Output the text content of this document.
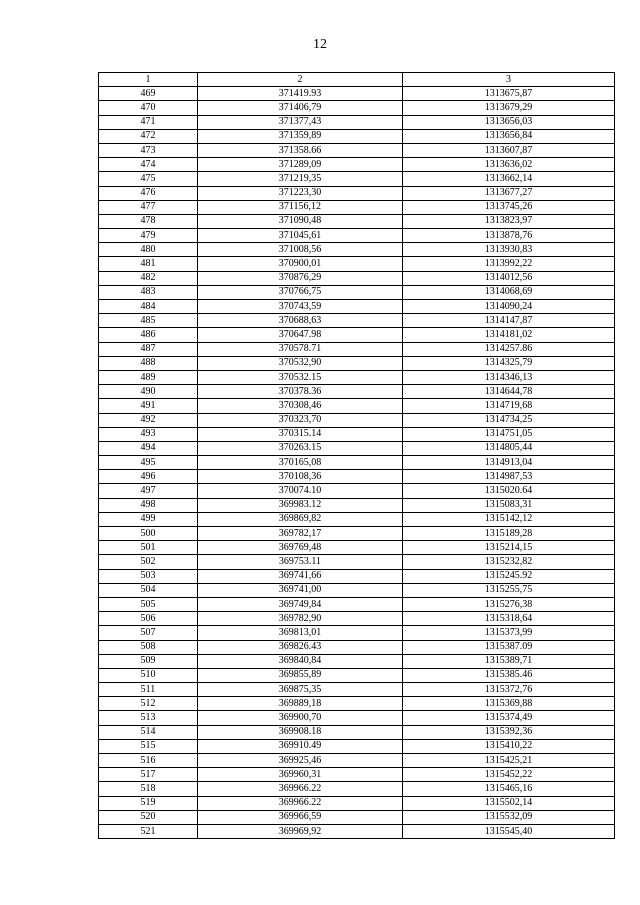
12
1	2	3
469	371419.93	1313675,87
470	371406,79	1313679,29
471	371377,43	1313656,03
472	371359,89	1313656,84
473	371358.66	1313607,87
474	371289,09	1313636,02
475	371219,35	1313662,14
476	371223,30	1313677,27
477	371156,12	1313745,26
478	371090,48	1313823,97
479	371045,61	1313878,76
480	371008,56	1313930,83
481	370900,01	1313992,22
482	370876,29	1314012,56
483	370766,75	1314068,69
484	370743,59	1314090,24
485	370688,63	1314147,87
486	370647.98	1314181,02
487	370578.71	1314257.86
488	370532,90	1314325,79
489	370532.15	1314346,13
490	370378.36	1314644,78
491	370308,46	1314719,68
492	370323,70	1314734,25
493	370315.14	1314751,05
494	370263.15	1314805,44
495	370165,08	1314913,04
496	370108,36	1314987,53
497	370074.10	1315020.64
498	369983.12	1315083,31
499	369869,82	1315142,12
500	369782,17	1315189,28
501	369769,48	1315214,15
502	369753.11	1315232,82
503	369741,66	1315245.92
504	369741,00	1315255,75
505	369749,84	1315276,38
506	369782,90	1315318,64
507	369813,01	1315373,99
508	369826.43	1315387.09
509	369840,84	1315389,71
510	369855,89	1315385.46
511	369875,35	1315372,76
512	369889,18	1315369,88
513	369900,70	1315374,49
514	369908.18	1315392,36
515	369910.49	1315410,22
516	369925,46	1315425,21
517	369960,31	1315452,22
518	369966.22	1315465,16
519	369966.22	1315502,14
520	369966,59	1315532,09
521	369969,92	1315545,40
